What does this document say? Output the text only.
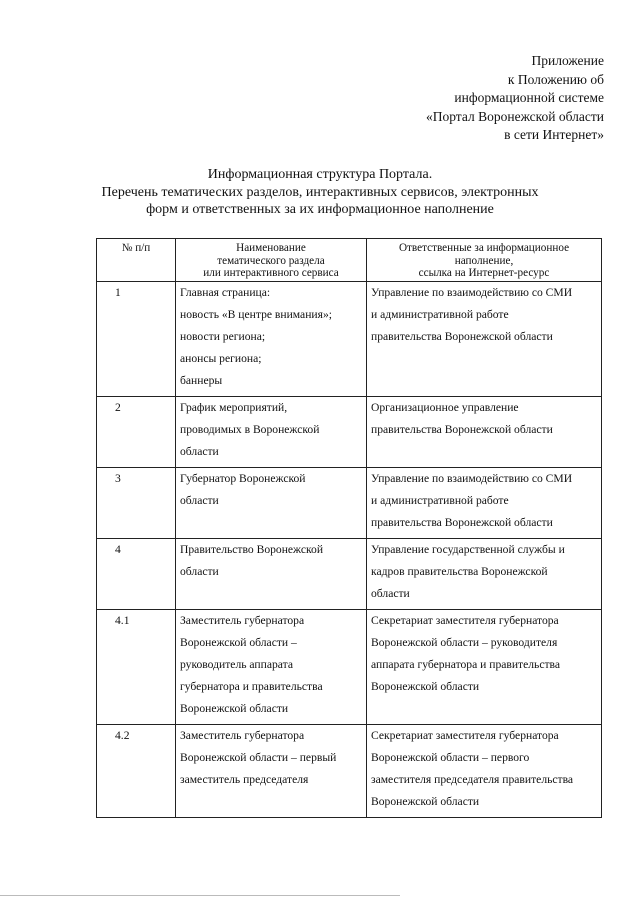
Приложение
к Положению об
информационной системе
«Портал Воронежской области
в сети Интернет»
Информационная структура Портала.
Перечень тематических разделов, интерактивных сервисов, электронных
форм и ответственных за их информационное наполнение
№ п/п	Наименование
тематического раздела
или интерактивного сервиса	Ответственные за информационное
наполнение,
ссылка на Интернет-ресурс

1	Главная страница:
новость «В центре внимания»;
новости региона;
анонсы региона;
баннеры	Управление по взаимодействию со СМИ
и административной работе
правительства Воронежской области

2	График мероприятий,
проводимых в Воронежской
области	Организационное управление
правительства Воронежской области

3	Губернатор Воронежской
области	Управление по взаимодействию со СМИ
и административной работе
правительства Воронежской области

4	Правительство Воронежской
области	Управление государственной службы и
кадров правительства Воронежской
области

4.1	Заместитель губернатора
Воронежской области –
руководитель аппарата
губернатора и правительства
Воронежской области	Секретариат заместителя губернатора
Воронежской области – руководителя
аппарата губернатора и правительства
Воронежской области

4.2	Заместитель губернатора
Воронежской области – первый
заместитель председателя	Секретариат заместителя губернатора
Воронежской области – первого
заместителя председателя правительства
Воронежской области
